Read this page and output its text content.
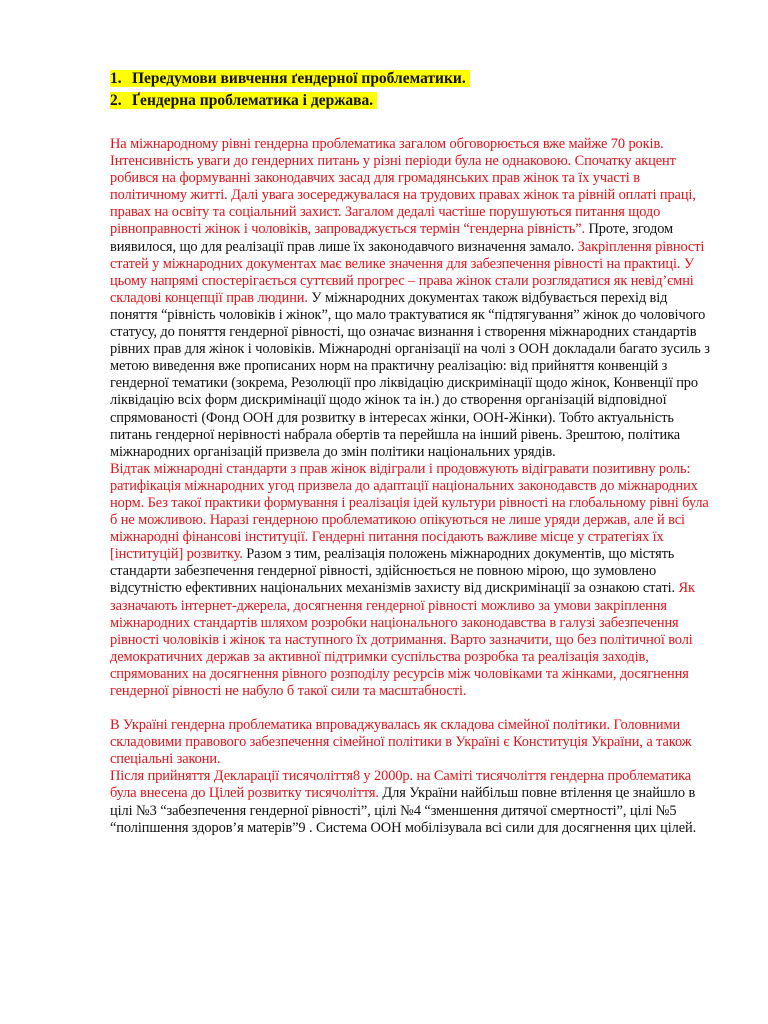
1. Передумови вивчення ґендерної проблематики.
2. Ґендерна проблематика і держава.

На міжнародному рівні гендерна проблематика загалом обговорюється вже майже 70 років. Інтенсивність уваги до гендерних питань у різні періоди була не однаковою. Спочатку акцент робився на формуванні законодавчих засад для громадянських прав жінок та їх участі в політичному житті. Далі увага зосереджувалася на трудових правах жінок та рівній оплаті праці, правах на освіту та соціальний захист. Загалом дедалі частіше порушуються питання щодо рівноправності жінок і чоловіків, запроваджується термін “гендерна рівність”. Проте, згодом виявилося, що для реалізації прав лише їх законодавчого визначення замало. Закріплення рівності статей у міжнародних документах має велике значення для забезпечення рівності на практиці. У цьому напрямі спостерігається суттєвий прогрес – права жінок стали розглядатися як невід’ємні складові концепції прав людини. У міжнародних документах також відбувається перехід від поняття “рівність чоловіків і жінок”, що мало трактуватися як “підтягування” жінок до чоловічого статусу, до поняття гендерної рівності, що означає визнання і створення міжнародних стандартів рівних прав для жінок і чоловіків. Міжнародні організації на чолі з ООН докладали багато зусиль з метою виведення вже прописаних норм на практичну реалізацію: від прийняття конвенцій з гендерної тематики (зокрема, Резолюції про ліквідацію дискримінації щодо жінок, Конвенції про ліквідацію всіх форм дискримінації щодо жінок та ін.) до створення організацій відповідної спрямованості (Фонд ООН для розвитку в інтересах жінки, ООН-Жінки). Тобто актуальність питань гендерної нерівності набрала обертів та перейшла на інший рівень. Зрештою, політика міжнародних організацій призвела до змін політики національних урядів.

Відтак міжнародні стандарти з прав жінок відіграли і продовжують відігравати позитивну роль: ратифікація міжнародних угод призвела до адаптації національних законодавств до міжнародних норм. Без такої практики формування і реалізація ідей культури рівності на глобальному рівні була б не можливою. Наразі гендерною проблематикою опікуються не лише уряди держав, але й всі міжнародні фінансові інституції. Гендерні питання посідають важливе місце у стратегіях їх [інституцій] розвитку. Разом з тим, реалізація положень міжнародних документів, що містять стандарти забезпечення гендерної рівності, здійснюється не повною мірою, що зумовлено відсутністю ефективних національних механізмів захисту від дискримінації за ознакою статі. Як зазначають інтернет-джерела, досягнення гендерної рівності можливо за умови закріплення міжнародних стандартів шляхом розробки національного законодавства в галузі забезпечення рівності чоловіків і жінок та наступного їх дотримання. Варто зазначити, що без політичної волі демократичних держав за активної підтримки суспільства розробка та реалізація заходів, спрямованих на досягнення рівного розподілу ресурсів між чоловіками та жінками, досягнення гендерної рівності не набуло б такої сили та масштабності.

В Україні гендерна проблематика впроваджувалась як складова сімейної політики. Головними складовими правового забезпечення сімейної політики в Україні є Конституція України, а також спеціальні закони.

Після прийняття Декларації тисячоліття8 у 2000р. на Саміті тисячоліття гендерна проблематика була внесена до Цілей розвитку тисячоліття. Для України найбільш повне втілення це знайшло в цілі №3 “забезпечення гендерної рівності”, цілі №4 “зменшення дитячої смертності”, цілі №5 “поліпшення здоров’я матерів”9 . Система ООН мобілізувала всі сили для досягнення цих цілей.
